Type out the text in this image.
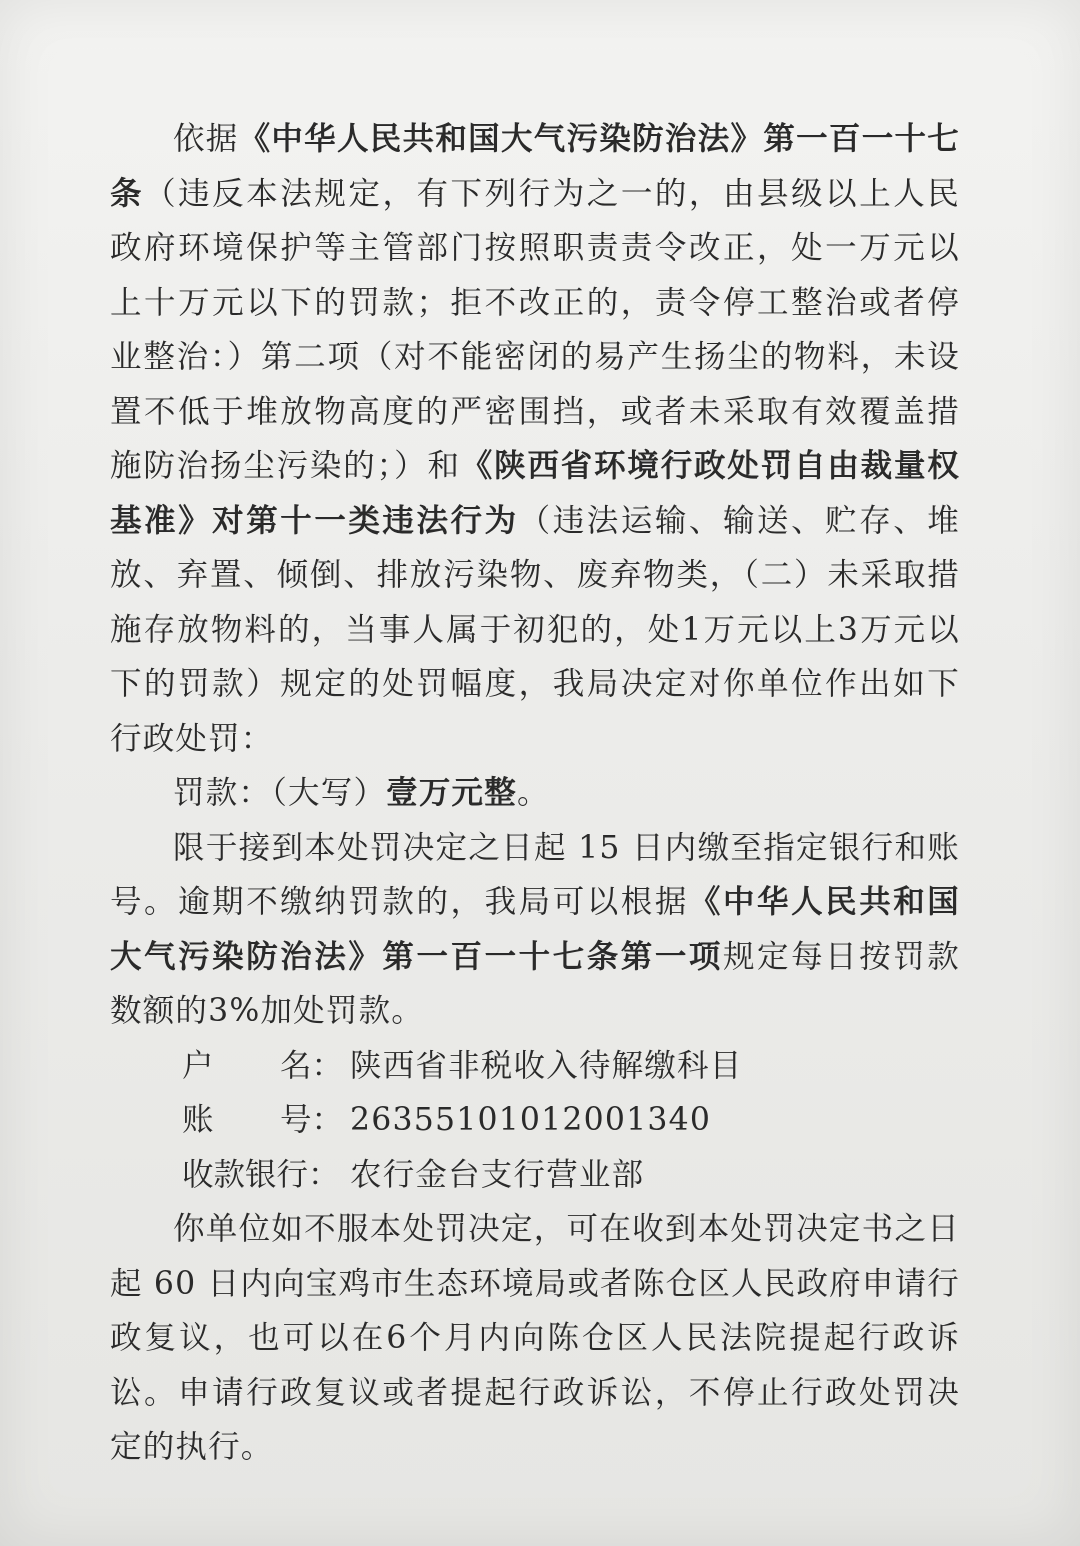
依据《中华人民共和国大气污染防治法》第一百一十七条（违反本法规定，有下列行为之一的，由县级以上人民政府环境保护等主管部门按照职责责令改正，处一万元以上十万元以下的罚款；拒不改正的，责令停工整治或者停业整治：）第二项（对不能密闭的易产生扬尘的物料，未设置不低于堆放物高度的严密围挡，或者未采取有效覆盖措施防治扬尘污染的；）和《陕西省环境行政处罚自由裁量权基准》对第十一类违法行为（违法运输、输送、贮存、堆放、弃置、倾倒、排放污染物、废弃物类，（二）未采取措施存放物料的，当事人属于初犯的，处1万元以上3万元以下的罚款）规定的处罚幅度，我局决定对你单位作出如下行政处罚：

罚款：（大写）壹万元整。

限于接到本处罚决定之日起 15 日内缴至指定银行和账号。逾期不缴纳罚款的，我局可以根据《中华人民共和国大气污染防治法》第一百一十七条第一项规定每日按罚款数额的3%加处罚款。

户 名： 陕西省非税收入待解缴科目
账 号： 2635510101200134​0
收款银行： 农行金台支行营业部

你单位如不服本处罚决定，可在收到本处罚决定书之日起 60 日内向宝鸡市生态环境局或者陈仓区人民政府申请行政复议，也可以在6个月内向陈仓区人民法院提起行政诉讼。申请行政复议或者提起行政诉讼，不停止行政处罚决定的执行。
